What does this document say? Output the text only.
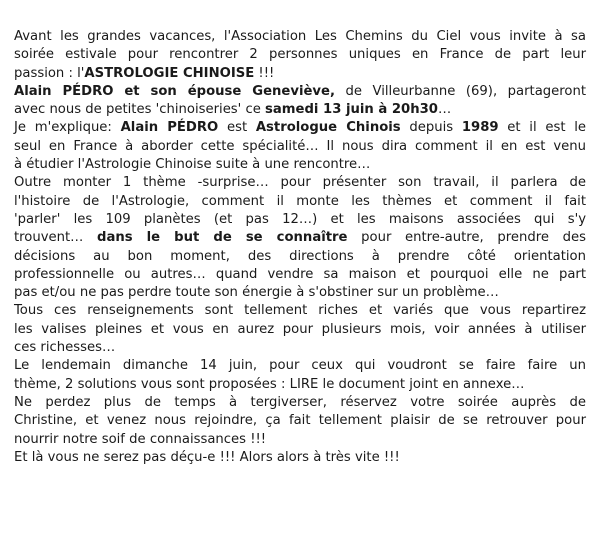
Avant les grandes vacances, l'Association Les Chemins du Ciel vous invite à sa
soirée estivale pour rencontrer 2 personnes uniques en France de part leur
passion : l'ASTROLOGIE CHINOISE !!!
Alain PÉDRO et son épouse Geneviève, de Villeurbanne (69), partageront
avec nous de petites 'chinoiseries' ce samedi 13 juin à 20h30…
Je m'explique: Alain PÉDRO est Astrologue Chinois depuis 1989 et il est le
seul en France à aborder cette spécialité… Il nous dira comment il en est venu
à étudier l'Astrologie Chinoise suite à une rencontre…
Outre monter 1 thème -surprise… pour présenter son travail, il parlera de
l'histoire de l'Astrologie, comment il monte les thèmes et comment il fait
'parler' les 109 planètes (et pas 12…) et les maisons associées qui s'y
trouvent… dans le but de se connaître pour entre-autre, prendre des
décisions au bon moment, des directions à prendre côté orientation
professionnelle ou autres… quand vendre sa maison et pourquoi elle ne part
pas et/ou ne pas perdre toute son énergie à s'obstiner sur un problème…
Tous ces renseignements sont tellement riches et variés que vous repartirez
les valises pleines et vous en aurez pour plusieurs mois, voir années à utiliser
ces richesses…
Le lendemain dimanche 14 juin, pour ceux qui voudront se faire faire un
thème, 2 solutions vous sont proposées : LIRE le document joint en annexe…
Ne perdez plus de temps à tergiverser, réservez votre soirée auprès de
Christine, et venez nous rejoindre, ça fait tellement plaisir de se retrouver pour
nourrir notre soif de connaissances !!!
Et là vous ne serez pas déçu-e !!! Alors alors à très vite !!!
